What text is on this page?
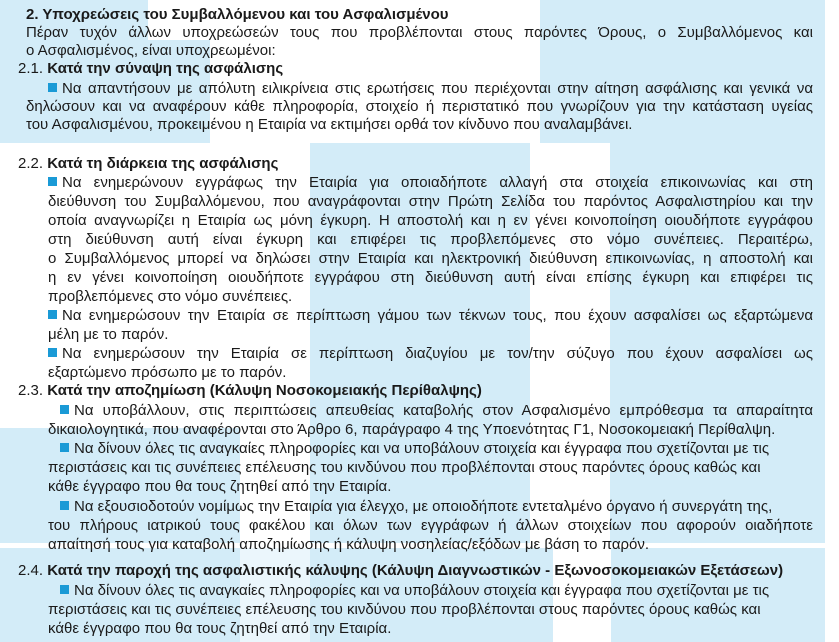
2. Υποχρεώσεις του Συμβαλλόμενου και του Ασφαλισμένου
Πέραν τυχόν άλλων υποχρεώσεών τους που προβλέπονται στους παρόντες Όρους, ο Συμβαλλόμενος και
ο Ασφαλισμένος, είναι υποχρεωμένοι:
2.1. Κατά την σύναψη της ασφάλισης
Να απαντήσουν με απόλυτη ειλικρίνεια στις ερωτήσεις που περιέχονται στην αίτηση ασφάλισης και γενικά να
δηλώσουν και να αναφέρουν κάθε πληροφορία, στοιχείο ή περιστατικό που γνωρίζουν για την κατάσταση υγείας
του Ασφαλισμένου, προκειμένου η Εταιρία να εκτιμήσει ορθά τον κίνδυνο που αναλαμβάνει.
2.2. Κατά τη διάρκεια της ασφάλισης
Να ενημερώνουν εγγράφως την Εταιρία για οποιαδήποτε αλλαγή στα στοιχεία επικοινωνίας και στη
διεύθυνση του Συμβαλλόμενου, που αναγράφονται στην Πρώτη Σελίδα του παρόντος Ασφαλιστηρίου και την
οποία αναγνωρίζει η Εταιρία ως μόνη έγκυρη. Η αποστολή και η εν γένει κοινοποίηση οιουδήποτε εγγράφου
στη διεύθυνση αυτή είναι έγκυρη και επιφέρει τις προβλεπόμενες στο νόμο συνέπειες. Περαιτέρω,
ο Συμβαλλόμενος μπορεί να δηλώσει στην Εταιρία και ηλεκτρονική διεύθυνση επικοινωνίας, η αποστολή και
η εν γένει κοινοποίηση οιουδήποτε εγγράφου στη διεύθυνση αυτή είναι επίσης έγκυρη και επιφέρει τις
προβλεπόμενες στο νόμο συνέπειες.
Να ενημερώσουν την Εταιρία σε περίπτωση γάμου των τέκνων τους, που έχουν ασφαλίσει ως εξαρτώμενα
μέλη με το παρόν.
Να ενημερώσουν την Εταιρία σε περίπτωση διαζυγίου με τον/την σύζυγο που έχουν ασφαλίσει ως
εξαρτώμενο πρόσωπο με το παρόν.
2.3. Κατά την αποζημίωση (Κάλυψη Νοσοκομειακής Περίθαλψης)
Να υποβάλλουν, στις περιπτώσεις απευθείας καταβολής στον Ασφαλισμένο εμπρόθεσμα τα απαραίτητα
δικαιολογητικά, που αναφέρονται στο Άρθρο 6, παράγραφο 4 της Υποενότητας Γ1, Νοσοκομειακή Περίθαλψη.
Να δίνουν όλες τις αναγκαίες πληροφορίες και να υποβάλουν στοιχεία και έγγραφα που σχετίζονται με τις
περιστάσεις και τις συνέπειες επέλευσης του κινδύνου που προβλέπονται στους παρόντες όρους καθώς και
κάθε έγγραφο που θα τους ζητηθεί από την Εταιρία.
Να εξουσιοδοτούν νομίμως την Εταιρία για έλεγχο, με οποιοδήποτε εντεταλμένο όργανο ή συνεργάτη της,
του πλήρους ιατρικού τους φακέλου και όλων των εγγράφων ή άλλων στοιχείων που αφορούν οιαδήποτε
απαίτησή τους για καταβολή αποζημίωσης ή κάλυψη νοσηλείας/εξόδων με βάση το παρόν.
2.4. Κατά την παροχή της ασφαλιστικής κάλυψης (Κάλυψη Διαγνωστικών - Εξωνοσοκομειακών Εξετάσεων)
Να δίνουν όλες τις αναγκαίες πληροφορίες και να υποβάλουν στοιχεία και έγγραφα που σχετίζονται με τις
περιστάσεις και τις συνέπειες επέλευσης του κινδύνου που προβλέπονται στους παρόντες όρους καθώς και
κάθε έγγραφο που θα τους ζητηθεί από την Εταιρία.
